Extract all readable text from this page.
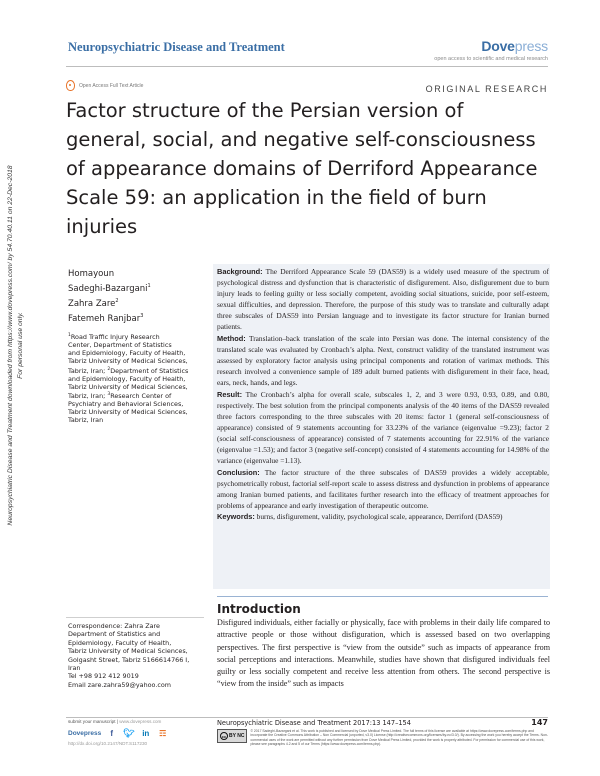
Neuropsychiatric Disease and Treatment	Dovepress
open access to scientific and medical research
Open Access Full Text Article	ORIGINAL RESEARCH
Factor structure of the Persian version of general, social, and negative self-consciousness of appearance domains of Derriford Appearance Scale 59: an application in the field of burn injuries
Neuropsychiatric Disease and Treatment downloaded from https://www.dovepress.com/ by 54.70.40.11 on 22-Dec-2018 For personal use only.
Homayoun
Sadeghi-Bazargani$^1$
Zahra Zare$^2$
Fatemeh Ranjbar$^3$
$^1$Road Traffic Injury Research
Center, Department of Statistics
and Epidemiology, Faculty of Health,
Tabriz University of Medical Sciences,
Tabriz, Iran; $^2$Department of Statistics
and Epidemiology, Faculty of Health,
Tabriz University of Medical Sciences,
Tabriz, Iran; $^3$Research Center of
Psychiatry and Behavioral Sciences,
Tabriz University of Medical Sciences,
Tabriz, Iran

Background: The Derriford Appearance Scale 59 (DAS59) is a widely used measure of the spectrum of psychological distress and dysfunction that is characteristic of disfigurement. Also, disfigurement due to burn injury leads to feeling guilty or less socially competent, avoiding social situations, suicide, poor self-esteem, sexual difficulties, and depression. Therefore, the purpose of this study was to translate and culturally adapt three subscales of DAS59 into Persian language and to investigate its factor structure for Iranian burned patients.

Method: Translation–back translation of the scale into Persian was done. The internal consistency of the translated scale was evaluated by Cronbach’s alpha. Next, construct validity of the translated instrument was assessed by exploratory factor analysis using principal components and rotation of varimax methods. This research involved a convenience sample of 189 adult burned patients with disfigurement in their face, head, ears, neck, hands, and legs.

Result: The Cronbach’s alpha for overall scale, subscales 1, 2, and 3 were 0.93, 0.93, 0.89, and 0.80, respectively. The best solution from the principal components analysis of the 40 items of the DAS59 revealed three factors corresponding to the three subscales with 20 items: factor 1 (general self-consciousness of appearance) consisted of 9 statements accounting for 33.23% of the variance (eigenvalue =9.23); factor 2 (social self-consciousness of appearance) consisted of 7 statements accounting for 22.91% of the variance (eigenvalue =1.53); and factor 3 (negative self-concept) consisted of 4 statements accounting for 14.98% of the variance (eigenvalue =1.13).

Conclusion: The factor structure of the three subscales of DAS59 provides a widely acceptable, psychometrically robust, factorial self-report scale to assess distress and dysfunction in problems of appearance among Iranian burned patients, and facilitates further research into the efficacy of treatment approaches for problems of appearance and early investigation of therapeutic outcome.

Keywords: burns, disfigurement, validity, psychological scale, appearance, Derriford (DAS59)

Introduction
Disfigured individuals, either facially or physically, face with problems in their daily life compared to attractive people or those without disfiguration, which is assessed based on two overlapping perspectives. The first perspective is “view from the outside” such as impacts of appearance from social perceptions and interactions. Meanwhile, studies have shown that disfigured individuals feel guilty or less socially competent and receive less attention from others. The second perspective is “view from the inside” such as impacts
Correspondence: Zahra Zare
Department of Statistics and
Epidemiology, Faculty of Health,
Tabriz University of Medical Sciences,
Golgasht Street, Tabriz 5166614766 I,
Iran
Tel +98 912 412 9019
Email zare.zahra59@yahoo.com
submit your manuscript | www.dovepress.com
Dovepress	f	🐦︎ in	☶
http://dx.doi.org/10.2147/NDT.S117230
Neuropsychiatric Disease and Treatment 2017:13 147–154	147
cc BY NC
© 2017 Sadeghi-Bazargani et al. This work is published and licensed by Dove Medical Press Limited. The full terms of this license are available at https://www.dovepress.com/terms.php and incorporate the Creative Commons Attribution – Non Commercial (unported, v3.0) License (http://creativecommons.org/licenses/by-nc/3.0/). By accessing the work you hereby accept the Terms. Non-commercial uses of the work are permitted without any further permission from Dove Medical Press Limited, provided the work is properly attributed. For permission for commercial use of this work, please see paragraphs 4.2 and 5 of our Terms (https://www.dovepress.com/terms.php).
